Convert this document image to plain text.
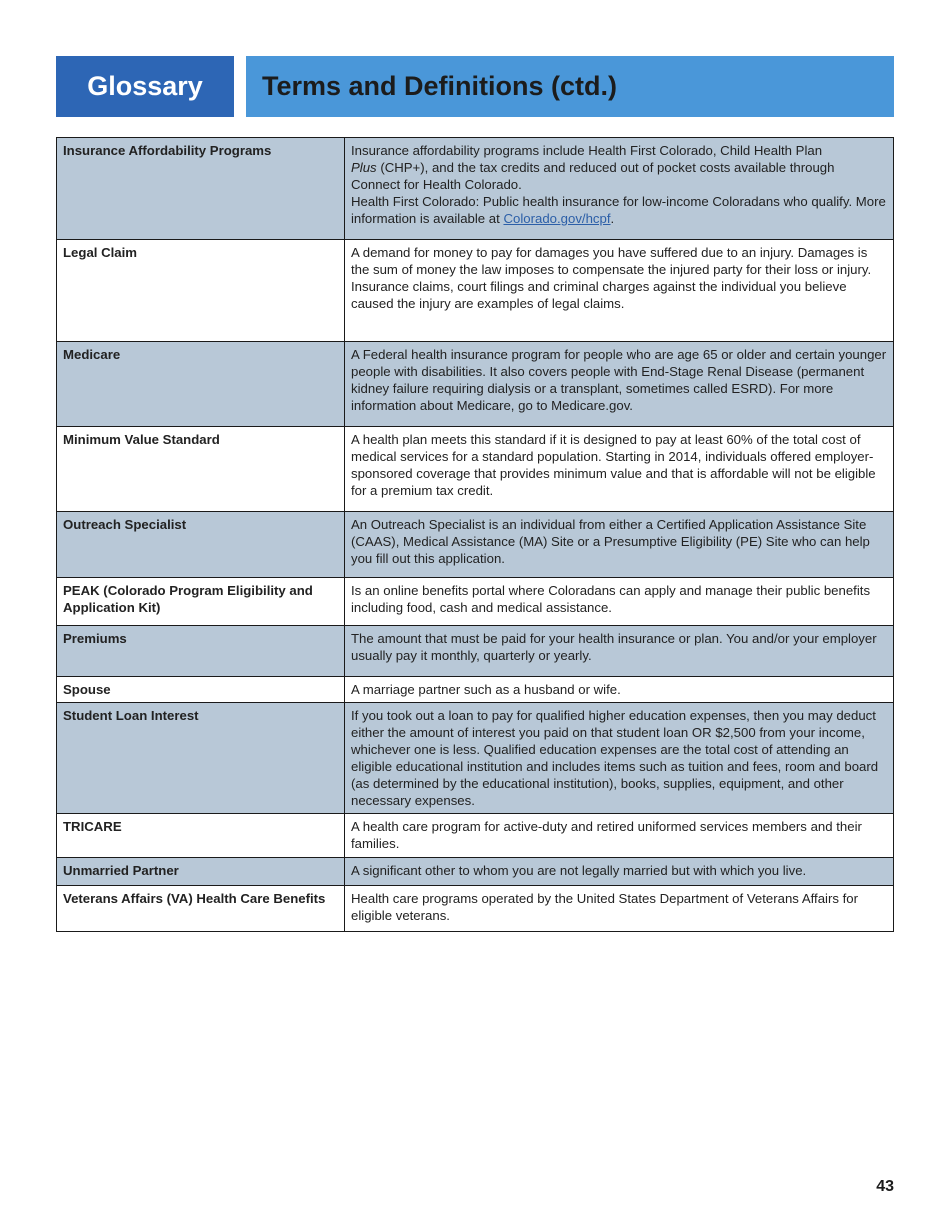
Glossary	Terms and Definitions (ctd.)
Insurance Affordability Programs	Insurance affordability programs include Health First Colorado, Child Health Plan
Plus (CHP+), and the tax credits and reduced out of pocket costs available through Connect for Health Colorado.
Health First Colorado: Public health insurance for low-income Coloradans who qualify. More information is available at Colorado.gov/hcpf.
Legal Claim	A demand for money to pay for damages you have suffered due to an injury. Damages is the sum of money the law imposes to compensate the injured party for their loss or injury. Insurance claims, court filings and criminal charges against the individual you believe caused the injury are examples of legal claims.
Medicare	A Federal health insurance program for people who are age 65 or older and certain younger people with disabilities. It also covers people with End-Stage Renal Disease (permanent kidney failure requiring dialysis or a transplant, sometimes called ESRD). For more information about Medicare, go to Medicare.gov.
Minimum Value Standard	A health plan meets this standard if it is designed to pay at least 60% of the total cost of medical services for a standard population. Starting in 2014, individuals offered employer-sponsored coverage that provides minimum value and that is affordable will not be eligible for a premium tax credit.
Outreach Specialist	An Outreach Specialist is an individual from either a Certified Application Assistance Site (CAAS), Medical Assistance (MA) Site or a Presumptive Eligibility (PE) Site who can help you fill out this application.
PEAK (Colorado Program Eligibility and Application Kit)	Is an online benefits portal where Coloradans can apply and manage their public benefits including food, cash and medical assistance.
Premiums	The amount that must be paid for your health insurance or plan. You and/or your employer usually pay it monthly, quarterly or yearly.
Spouse	A marriage partner such as a husband or wife.
Student Loan Interest	If you took out a loan to pay for qualified higher education expenses, then you may deduct either the amount of interest you paid on that student loan OR $2,500 from your income, whichever one is less. Qualified education expenses are the total cost of attending an eligible educational institution and includes items such as tuition and fees, room and board (as determined by the educational institution), books, supplies, equipment, and other necessary expenses.
TRICARE	A health care program for active-duty and retired uniformed services members and their families.
Unmarried Partner	A significant other to whom you are not legally married but with which you live.
Veterans Affairs (VA) Health Care Benefits	Health care programs operated by the United States Department of Veterans Affairs for eligible veterans.
43
